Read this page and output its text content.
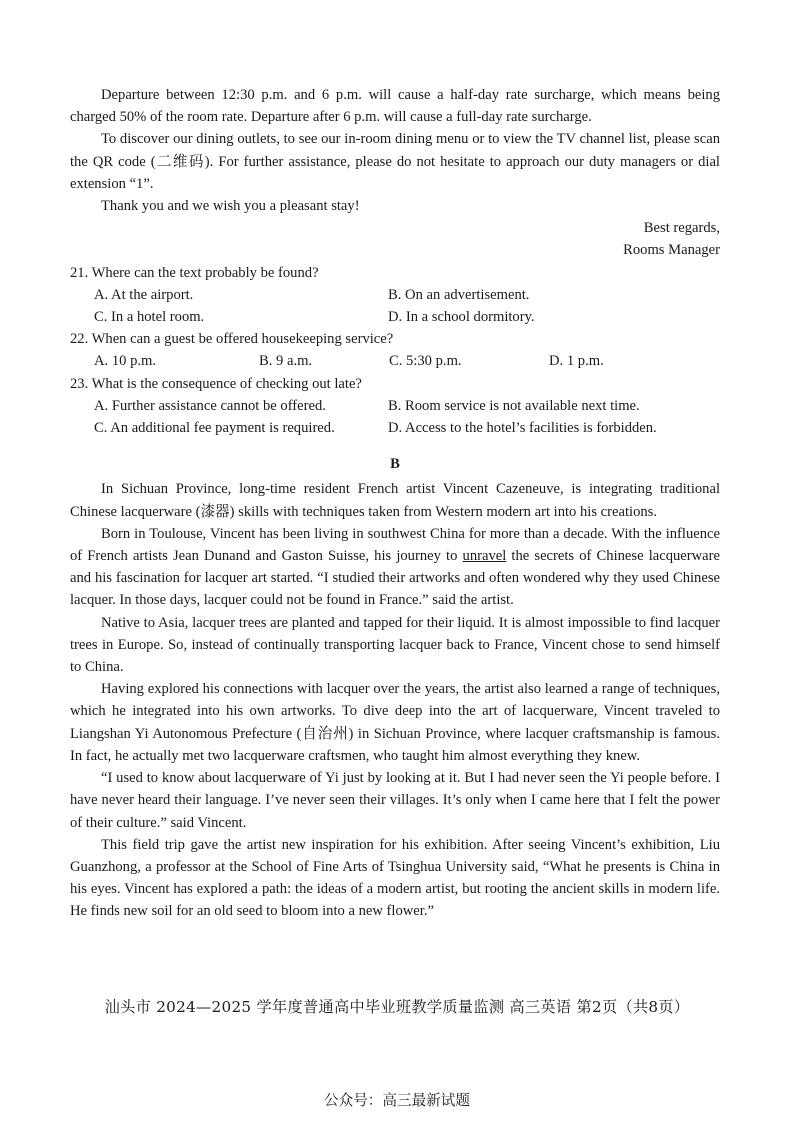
Departure between 12:30 p.m. and 6 p.m. will cause a half-day rate surcharge, which means being charged 50% of the room rate. Departure after 6 p.m. will cause a full-day rate surcharge.

To discover our dining outlets, to see our in-room dining menu or to view the TV channel list, please scan the QR code (二维码). For further assistance, please do not hesitate to approach our duty managers or dial extension “1”.

Thank you and we wish you a pleasant stay!

Best regards,

Rooms Manager

21. Where can the text probably be found?

A. At the airport.	B. On an advertisement.
C. In a hotel room.	D. In a school dormitory.

22. When can a guest be offered housekeeping service?

A. 10 p.m.	B. 9 a.m.	C. 5:30 p.m.	D. 1 p.m.

23. What is the consequence of checking out late?

A. Further assistance cannot be offered.	B. Room service is not available next time.
C. An additional fee payment is required.	D. Access to the hotel’s facilities is forbidden.

B

In Sichuan Province, long-time resident French artist Vincent Cazeneuve, is integrating traditional Chinese lacquerware (漆器) skills with techniques taken from Western modern art into his creations.

Born in Toulouse, Vincent has been living in southwest China for more than a decade. With the influence of French artists Jean Dunand and Gaston Suisse, his journey to unravel the secrets of Chinese lacquerware and his fascination for lacquer art started. “I studied their artworks and often wondered why they used Chinese lacquer. In those days, lacquer could not be found in France.” said the artist.

Native to Asia, lacquer trees are planted and tapped for their liquid. It is almost impossible to find lacquer trees in Europe. So, instead of continually transporting lacquer back to France, Vincent chose to send himself to China.

Having explored his connections with lacquer over the years, the artist also learned a range of techniques, which he integrated into his own artworks. To dive deep into the art of lacquerware, Vincent traveled to Liangshan Yi Autonomous Prefecture (自治州) in Sichuan Province, where lacquer craftsmanship is famous. In fact, he actually met two lacquerware craftsmen, who taught him almost everything they knew.

“I used to know about lacquerware of Yi just by looking at it. But I had never seen the Yi people before. I have never heard their language. I’ve never seen their villages. It’s only when I came here that I felt the power of their culture.” said Vincent.

This field trip gave the artist new inspiration for his exhibition. After seeing Vincent’s exhibition, Liu Guanzhong, a professor at the School of Fine Arts of Tsinghua University said, “What he presents is China in his eyes. Vincent has explored a path: the ideas of a modern artist, but rooting the ancient skills in modern life. He finds new soil for an old seed to bloom into a new flower.”

汕头市 2024—2025 学年度普通高中毕业班教学质量监测 高三英语 第2页（共8页）
公众号：高三最新试题
